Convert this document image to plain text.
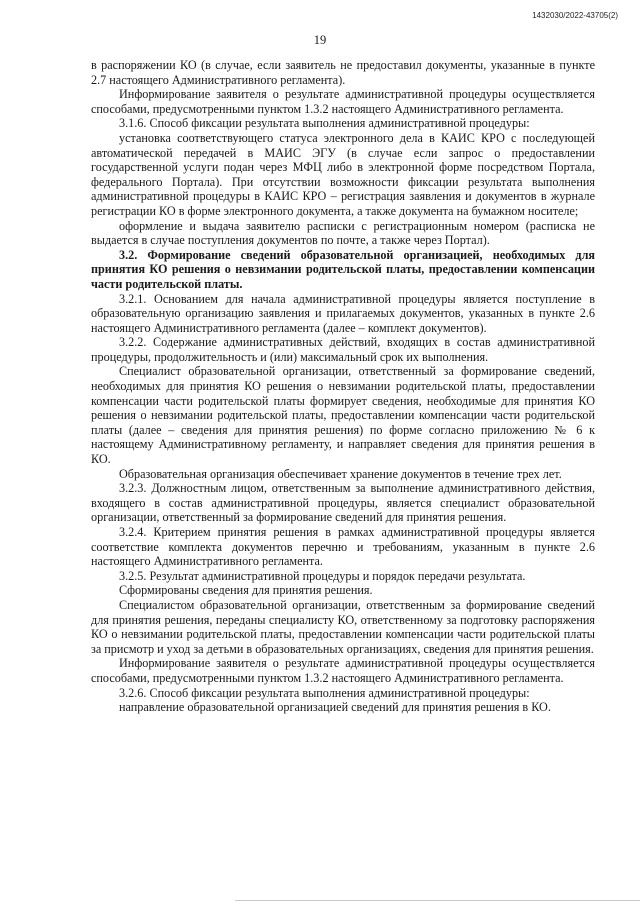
1432030/2022-43705(2)
19

в распоряжении КО (в случае, если заявитель не предоставил документы, указанные в пункте 2.7 настоящего Административного регламента).

Информирование заявителя о результате административной процедуры осуществляется способами, предусмотренными пунктом 1.3.2 настоящего Административного регламента.

3.1.6. Способ фиксации результата выполнения административной процедуры:

установка соответствующего статуса электронного дела в КАИС КРО с последующей автоматической передачей в МАИС ЭГУ (в случае если запрос о предоставлении государственной услуги подан через МФЦ либо в электронной форме посредством Портала, федерального Портала). При отсутствии возможности фиксации результата выполнения административной процедуры в КАИС КРО – регистрация заявления и документов в журнале регистрации КО в форме электронного документа, а также документа на бумажном носителе;

оформление и выдача заявителю расписки с регистрационным номером (расписка не выдается в случае поступления документов по почте, а также через Портал).

3.2. Формирование сведений образовательной организацией, необходимых для принятия КО решения о невзимании родительской платы, предоставлении компенсации части родительской платы.

3.2.1. Основанием для начала административной процедуры является поступление в образовательную организацию заявления и прилагаемых документов, указанных в пункте 2.6 настоящего Административного регламента (далее – комплект документов).

3.2.2. Содержание административных действий, входящих в состав административной процедуры, продолжительность и (или) максимальный срок их выполнения.

Специалист образовательной организации, ответственный за формирование сведений, необходимых для принятия КО решения о невзимании родительской платы, предоставлении компенсации части родительской платы формирует сведения, необходимые для принятия КО решения о невзимании родительской платы, предоставлении компенсации части родительской платы (далее – сведения для принятия решения) по форме согласно приложению № 6 к настоящему Административному регламенту, и направляет сведения для принятия решения в КО.

Образовательная организация обеспечивает хранение документов в течение трех лет.

3.2.3. Должностным лицом, ответственным за выполнение административного действия, входящего в состав административной процедуры, является специалист образовательной организации, ответственный за формирование сведений для принятия решения.

3.2.4. Критерием принятия решения в рамках административной процедуры является соответствие комплекта документов перечню и требованиям, указанным в пункте 2.6 настоящего Административного регламента.

3.2.5. Результат административной процедуры и порядок передачи результата.

Сформированы сведения для принятия решения.

Специалистом образовательной организации, ответственным за формирование сведений для принятия решения, переданы специалисту КО, ответственному за подготовку распоряжения КО о невзимании родительской платы, предоставлении компенсации части родительской платы за присмотр и уход за детьми в образовательных организациях, сведения для принятия решения.

Информирование заявителя о результате административной процедуры осуществляется способами, предусмотренными пунктом 1.3.2 настоящего Административного регламента.

3.2.6. Способ фиксации результата выполнения административной процедуры:

направление образовательной организацией сведений для принятия решения в КО.
